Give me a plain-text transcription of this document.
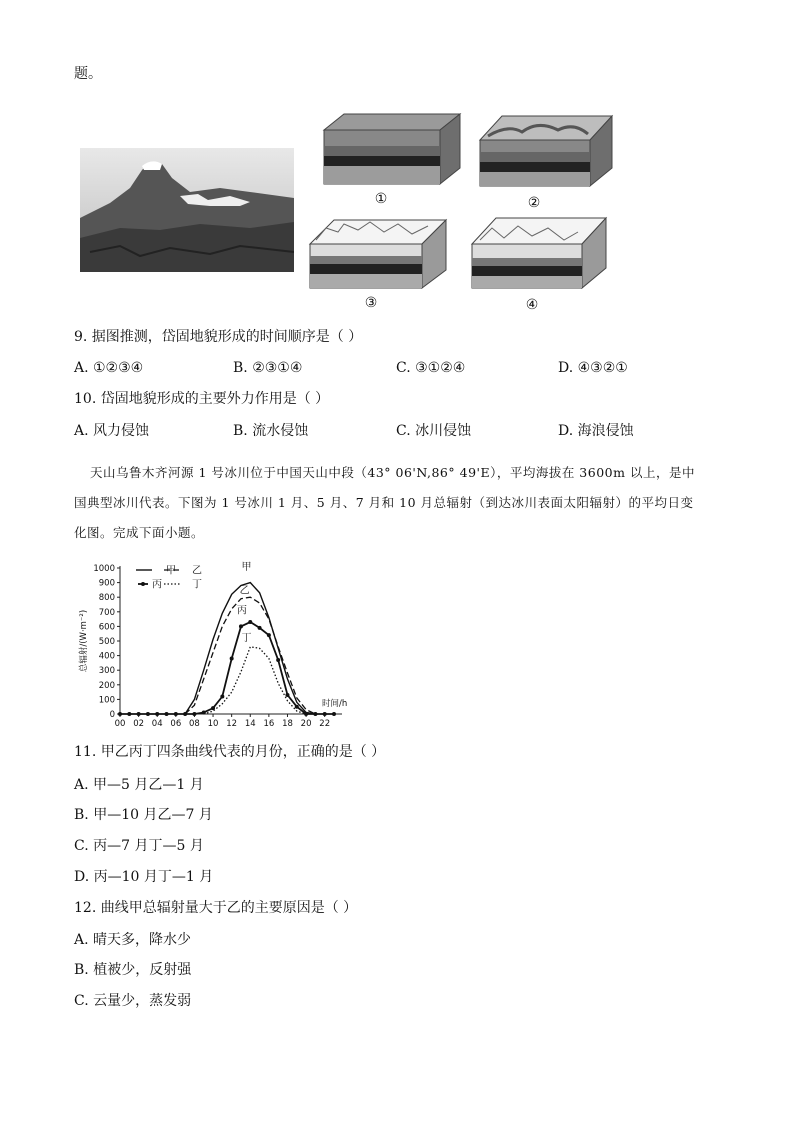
题。
①	②
③	④
9. 据图推测，岱固地貌形成的时间顺序是（ ）
A. ①②③④	B. ②③①④	C. ③①②④	D. ④③②①
10. 岱固地貌形成的主要外力作用是（ ）
A. 风力侵蚀	B. 流水侵蚀	C. 冰川侵蚀	D. 海浪侵蚀
天山乌鲁木齐河源 1 号冰川位于中国天山中段（43° 06'N,86° 49'E），平均海拔在 3600m 以上，是中
国典型冰川代表。下图为 1 号冰川 1 月、5 月、7 月和 10 月总辐射（到达冰川表面太阳辐射）的平均日变
化图。完成下面小题。
0
100
200
300
400
500
600
700
800
900
1000
00 02 04 06 08 10 12 14 16 18 20 22
总辐射/(W·m⁻²)
时间/h
甲
乙
丙
丁
甲 乙
丙	丁
11. 甲乙丙丁四条曲线代表的月份，正确的是（ ）
A. 甲—5 月乙—1 月
B. 甲—10 月乙—7 月
C. 丙—7 月丁—5 月
D. 丙—10 月丁—1 月
12. 曲线甲总辐射量大于乙的主要原因是（ ）
A. 晴天多，降水少
B. 植被少，反射强
C. 云量少，蒸发弱
